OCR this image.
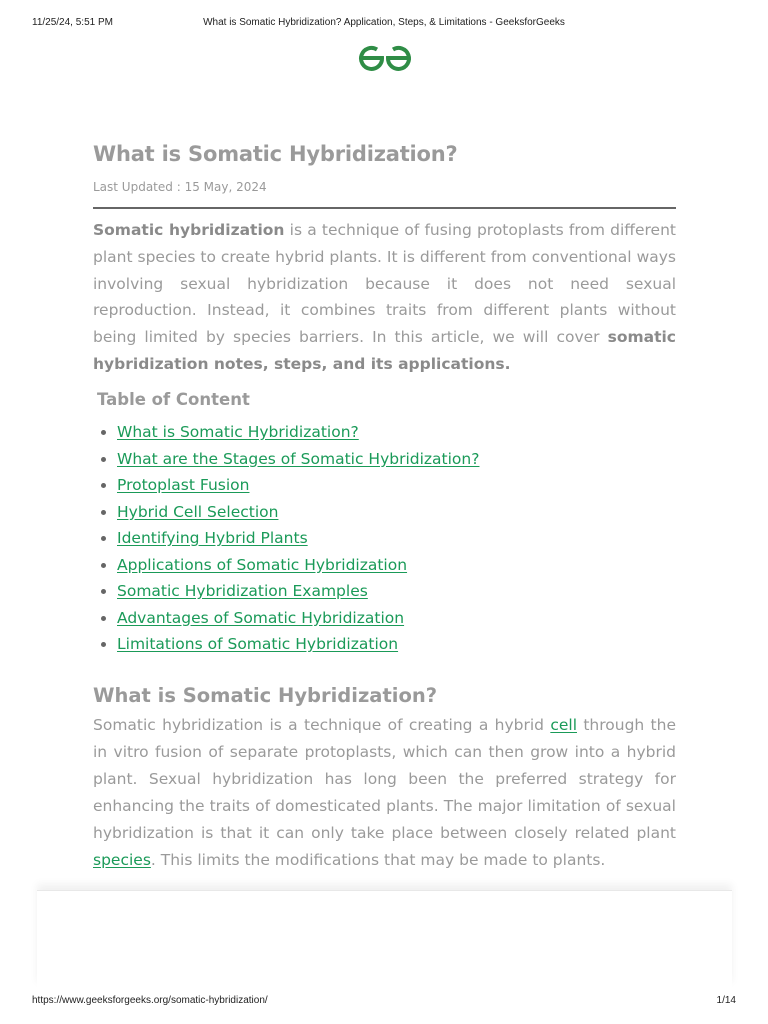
11/25/24, 5:51 PM	What is Somatic Hybridization? Application, Steps, & Limitations - GeeksforGeeks
What is Somatic Hybridization?
Last Updated : 15 May, 2024

Somatic hybridization is a technique of fusing protoplasts from different plant species to create hybrid plants. It is different from conventional ways involving sexual hybridization because it does not need sexual reproduction. Instead, it combines traits from different plants without being limited by species barriers. In this article, we will cover somatic hybridization notes, steps, and its applications.

Table of Content
What is Somatic Hybridization?
What are the Stages of Somatic Hybridization?
Protoplast Fusion
Hybrid Cell Selection
Identifying Hybrid Plants
Applications of Somatic Hybridization
Somatic Hybridization Examples
Advantages of Somatic Hybridization
Limitations of Somatic Hybridization
What is Somatic Hybridization?

Somatic hybridization is a technique of creating a hybrid cell through the in vitro fusion of separate protoplasts, which can then grow into a hybrid plant. Sexual hybridization has long been the preferred strategy for enhancing the traits of domesticated plants. The major limitation of sexual hybridization is that it can only take place between closely related plant species. This limits the modifications that may be made to plants.

https://www.geeksforgeeks.org/somatic-hybridization/	1/14
